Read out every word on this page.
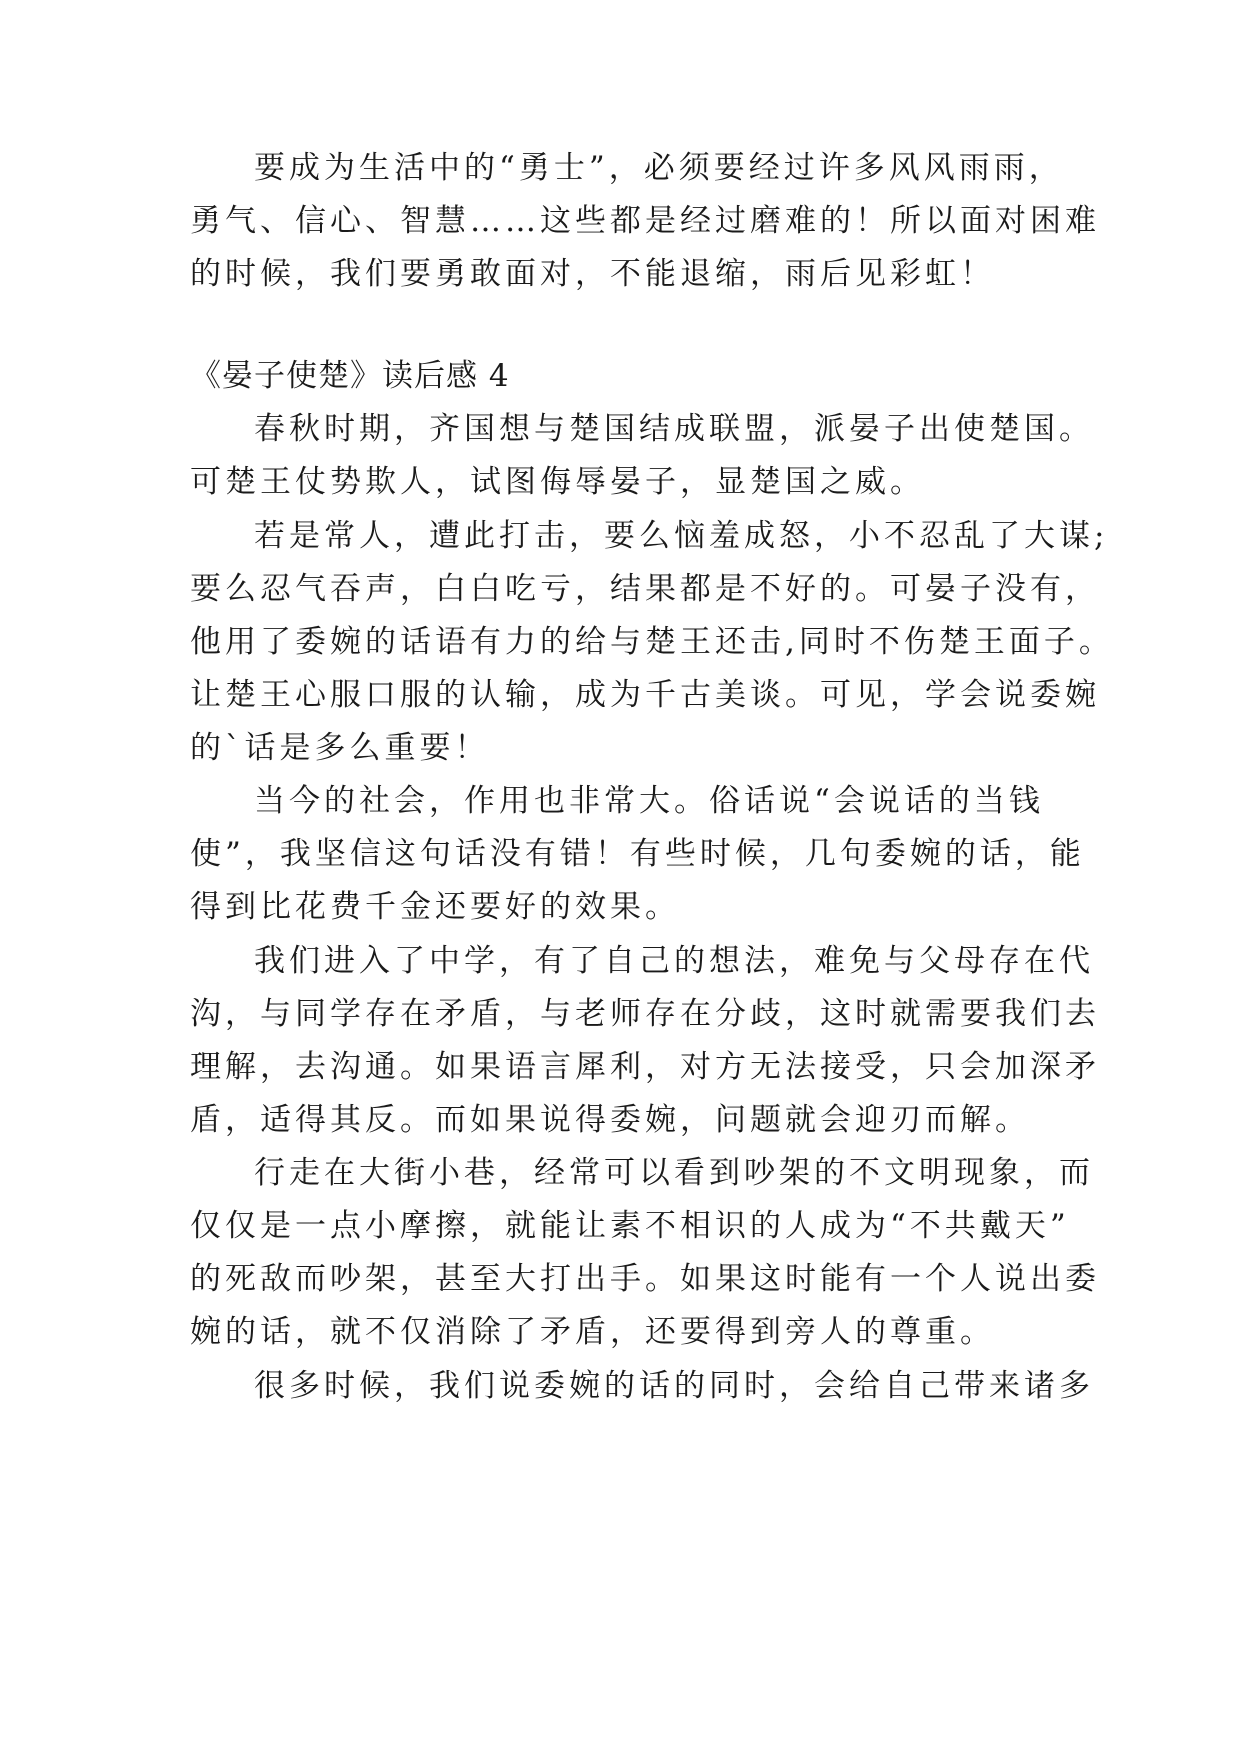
要成为生活中的“勇士”，必须要经过许多风风雨雨，

勇气、信心、智慧……这些都是经过磨难的！所以面对困难

的时候，我们要勇敢面对，不能退缩，雨后见彩虹！

《晏子使楚》读后感 4

春秋时期，齐国想与楚国结成联盟，派晏子出使楚国。

可楚王仗势欺人，试图侮辱晏子，显楚国之威。

若是常人，遭此打击，要么恼羞成怒，小不忍乱了大谋;

要么忍气吞声，白白吃亏，结果都是不好的。可晏子没有，

他用了委婉的话语有力的给与楚王还击,同时不伤楚王面子。

让楚王心服口服的认输，成为千古美谈。可见，学会说委婉

的`话是多么重要！

当今的社会，作用也非常大。俗话说“会说话的当钱

使”，我坚信这句话没有错！有些时候，几句委婉的话，能

得到比花费千金还要好的效果。

我们进入了中学，有了自己的想法，难免与父母存在代

沟，与同学存在矛盾，与老师存在分歧，这时就需要我们去

理解，去沟通。如果语言犀利，对方无法接受，只会加深矛

盾，适得其反。而如果说得委婉，问题就会迎刃而解。

行走在大街小巷，经常可以看到吵架的不文明现象，而

仅仅是一点小摩擦，就能让素不相识的人成为“不共戴天”

的死敌而吵架，甚至大打出手。如果这时能有一个人说出委

婉的话，就不仅消除了矛盾，还要得到旁人的尊重。

很多时候，我们说委婉的话的同时，会给自己带来诸多
